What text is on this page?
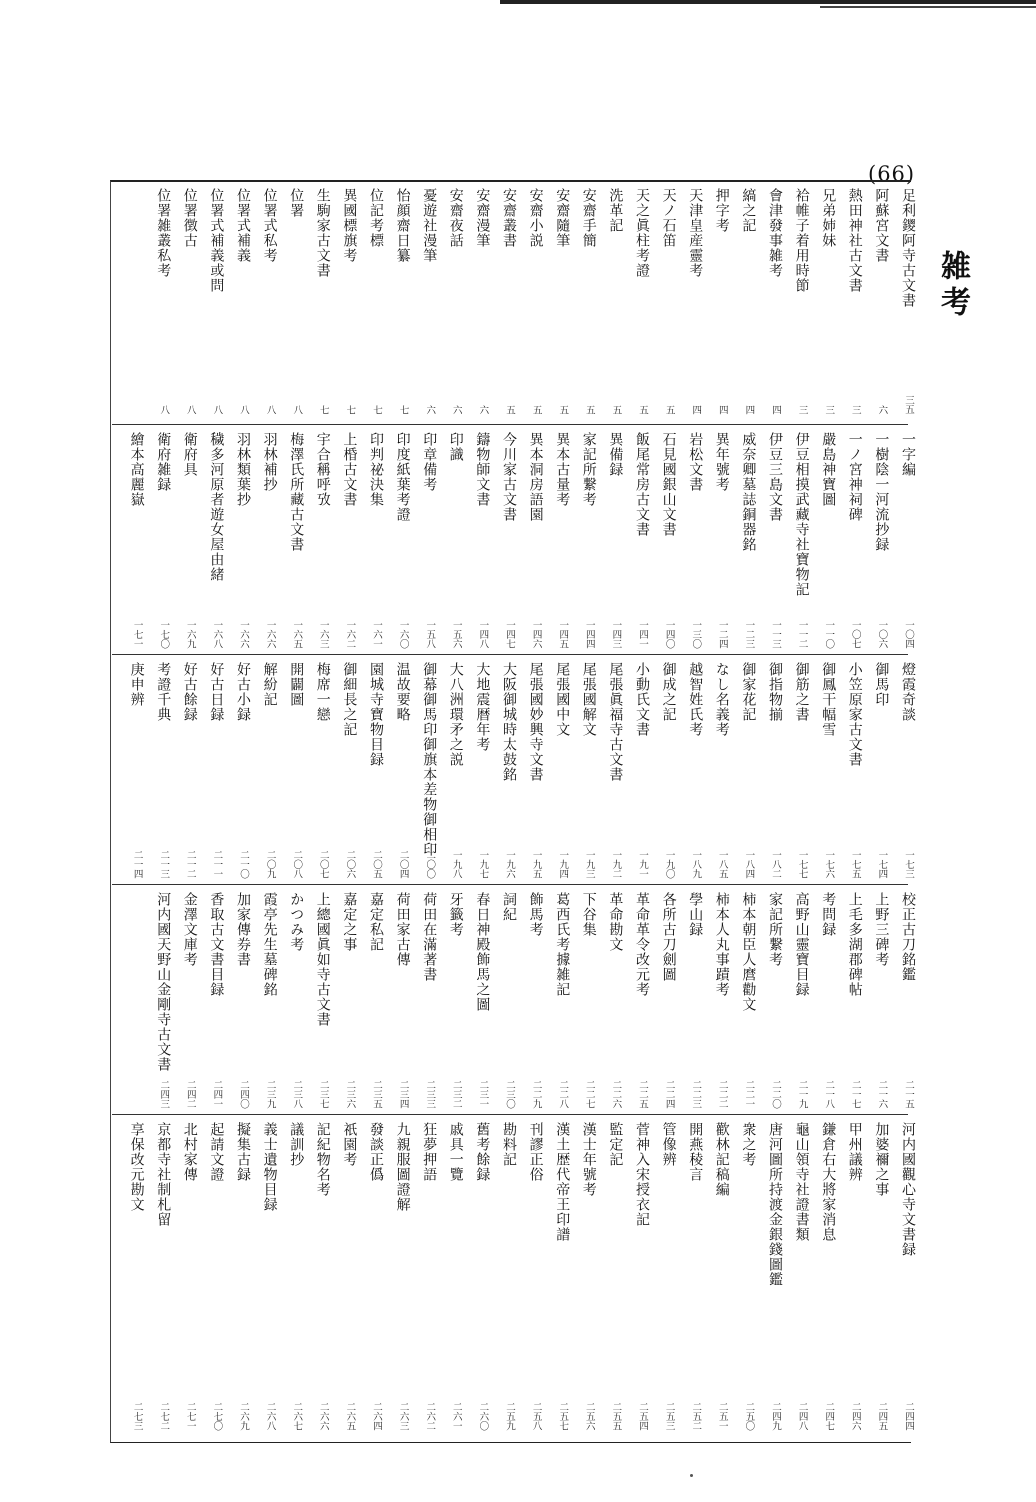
(66)
雑考
足利鑁阿寺古文書
三五
阿蘇宮文書
六
熱田神社古文書
三
兄弟姉妹
三
袷帷子着用時節
三
會津發事雑考
四
縞之記
四
押字考
四
天津皇産靈考
四
天ノ石笛
五
天之眞柱考證
五
洗革記
五
安齋手簡
五
安齋隨筆
五
安齋小説
五
安齋叢書
五
安齋漫筆
六
安齋夜話
六
憂遊社漫筆
六
怡顔齋日纂
七
位記考標
七
異國標旗考
七
生駒家古文書
七
位署
八
位署式私考
八
位署式補義
八
位署式補義或問
八
位署徴古
八
位署雑叢私考
八
一字編
一〇四
一樹陰一河流抄録
一〇六
一ノ宮神祠碑
一〇七
嚴島神寶圖
一一〇
伊豆相摸武藏寺社寶物記
一一二
伊豆三島文書
一一三
威奈卿墓誌銅器銘
一二三
異年號考
一二四
岩松文書
一三〇
石見國銀山文書
一四〇
飯尾常房古文書
一四一
異備録
一四三
家記所繋考
一四四
異本古量考
一四五
異本洞房語園
一四六
今川家古文書
一四七
鑄物師文書
一四八
印識
一五六
印章備考
一五八
印度紙葉考證
一六〇
印判祕決集
一六一
上棔古文書
一六二
宇合稱呼攷
一六三
梅澤氏所藏古文書
一六五
羽林補抄
一六六
羽林類葉抄
一六六
穢多河原者遊女屋由緒
一六八
衛府具
一六九
衛府雑録
一七〇
繪本高麗嶽
一七一
燈霞奇談
一七三
御馬印
一七四
小笠原家古文書
一七五
御鳳干幅雪
一七六
御筋之書
一七七
御指物揃
一八二
御家花記
一八四
なし名義考
一八五
越智姓氏考
一八九
御成之記
一九〇
小動氏文書
一九一
尾張眞福寺古文書
一九二
尾張國解文
一九三
尾張國中文
一九四
尾張國妙興寺文書
一九五
大阪御城時太鼓銘
一九六
大地震暦年考
一九七
大八洲環矛之説
一九八
御幕御馬印御旗本差物御相印
二〇〇
温故要略
二〇四
園城寺寶物目録
二〇五
御細長之記
二〇六
梅席一戀
二〇七
開闢圖
二〇八
解紛記
二〇九
好古小録
二一〇
好古日録
二一一
好古餘録
二一二
考證千典
二一三
庚申辨
二一四
校正古刀銘鑑
二一五
上野三碑考
二一六
上毛多湖郡碑帖
二一七
考問録
二一八
高野山靈寶目録
二一九
家記所繋考
二二〇
柿本朝臣人麿勸文
二二一
柿本人丸事蹟考
二二二
學山録
二二三
各所古刀劍圖
二二四
革命革令改元考
二二五
革命勘文
二二六
下谷集
二二七
葛西氏考據雑記
二二八
飾馬考
二二九
詞紀
二三〇
春日神殿飾馬之圖
二三一
牙籤考
二三二
荷田在滿著書
二三三
荷田家古傳
二三四
嘉定私記
二三五
嘉定之事
二三六
上總國眞如寺古文書
二三七
かつみ考
二三八
霞亭先生墓碑銘
二三九
加家傳券書
二四〇
香取古文書目録
二四一
金澤文庫考
二四二
河内國天野山金剛寺古文書
二四三
河内國觀心寺文書録
二四四
加婆禰之事
二四五
甲州議辨
二四六
鎌倉右大將家消息
二四七
龜山領寺社證書類
二四八
唐河圖所持渡金銀錢圖鑑
二四九
衆之考
二五〇
歡林記稿編
二五一
開燕稜言
二五二
管像辨
二五三
菅神入宋授衣記
二五四
監定記
二五五
漢士年號考
二五六
漢土歴代帝王印譜
二五七
刊謬正俗
二五八
勘料記
二五九
舊考餘録
二六〇
戚具一覽
二六一
狂夢押語
二六二
九親服圖證解
二六三
發談正僞
二六四
祇園考
二六五
記紀物名考
二六六
議訓抄
二六七
義士遺物目録
二六八
擬集古録
二六九
起請文證
二七〇
北村家傳
二七一
京都寺社制札留
二七二
享保改元勘文
二七三
